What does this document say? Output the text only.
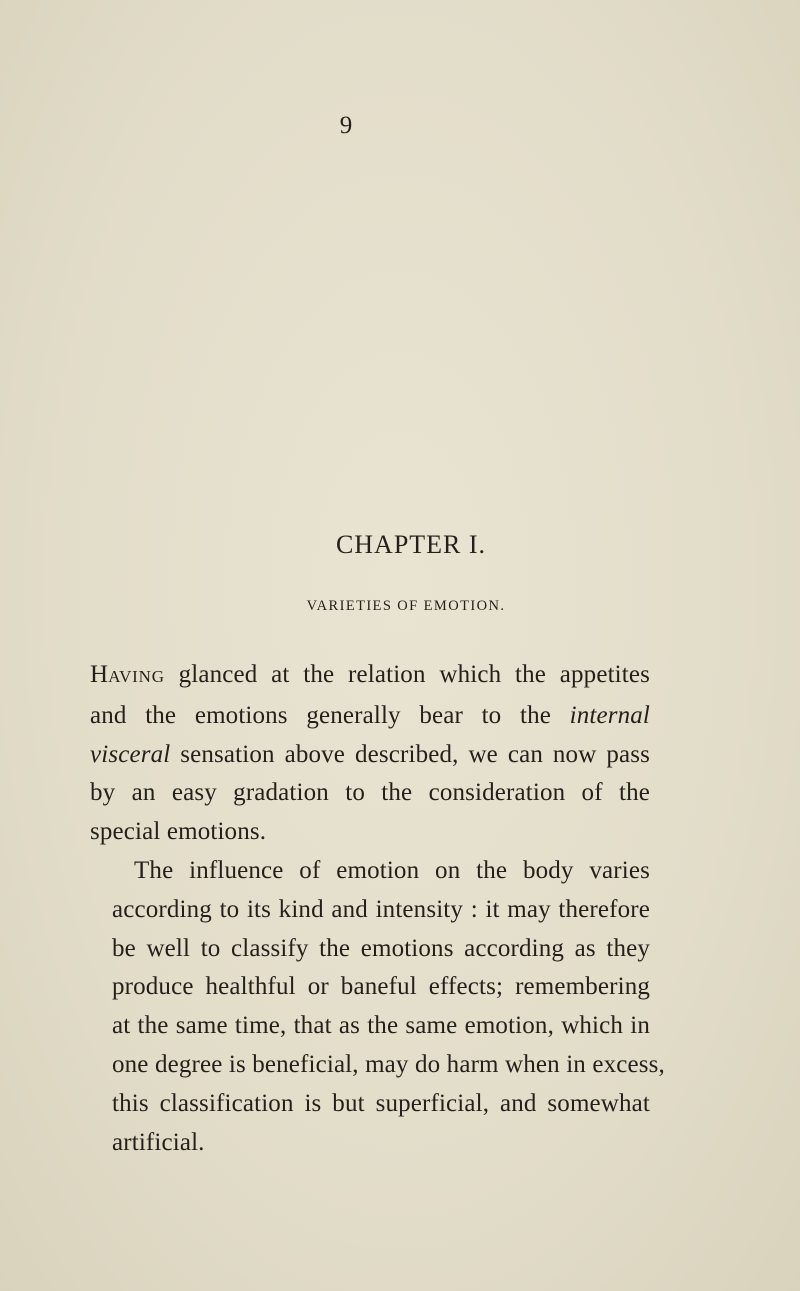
9
CHAPTER I.
VARIETIES OF EMOTION.
HAVING glanced at the relation which the appetites
and the emotions generally bear to the internal
visceral sensation above described, we can now pass
by an easy gradation to the consideration of the
special emotions.
The influence of emotion on the body varies
according to its kind and intensity : it may therefore
be well to classify the emotions according as they
produce healthful or baneful effects; remembering
at the same time, that as the same emotion, which in
one degree is beneficial, may do harm when in excess,
this classification is but superficial, and somewhat
artificial.
